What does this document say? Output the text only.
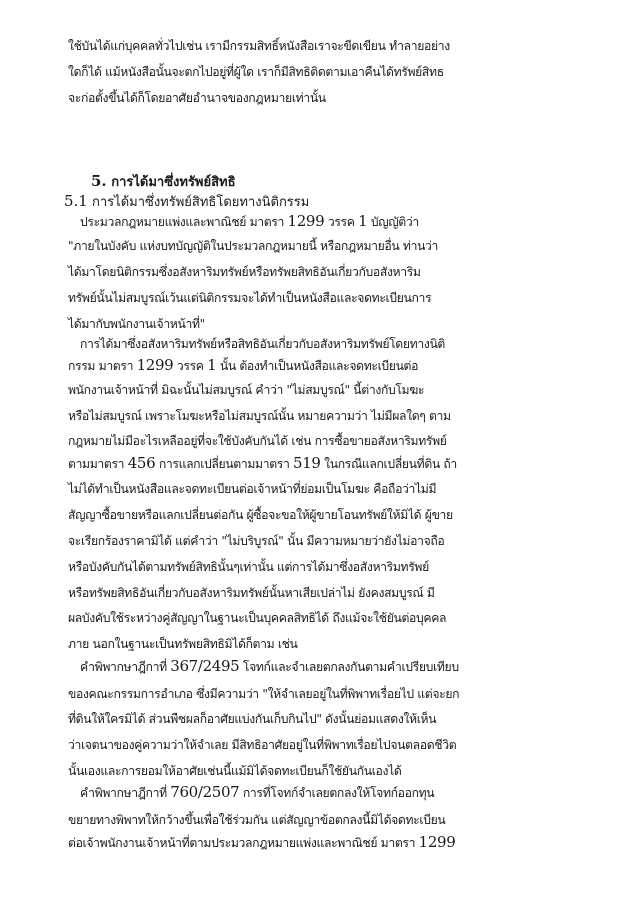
ใช้บันได้แก่บุคคลทั่วไปเช่น เรามีกรรมสิทธิ์หนังสือเราจะขีดเขียน ทำลายอย่าง
ใดก็ได้ แม้หนังสือนั้นจะตกไปอยู่ที่ผู้ใด เราก็มีสิทธิติดตามเอาคืนได้ทรัพย์สิทธ
จะก่อตั้งขึ้นได้ก็โดยอาศัยอำนาจของกฎหมายเท่านั้น
5. การได้มาซึ่งทรัพย์สิทธิ
5.1 การได้มาซึ่งทรัพย์สิทธิโดยทางนิติกรรม
ประมวลกฎหมายแพ่งและพาณิชย์ มาตรา 1299 วรรค 1 บัญญัติว่า
"ภายในบังคับ แห่งบทบัญญัติในประมวลกฎหมายนี้ หรือกฎหมายอื่น ท่านว่า
ได้มาโดยนิติกรรมซึ่งอสังหาริมทรัพย์หรือทรัพยสิทธิอันเกี่ยวกับอสังหาริม
ทรัพย์นั้นไม่สมบูรณ์เว้นแต่นิติกรรมจะได้ทำเป็นหนังสือและจดทะเบียนการ
ได้มากับพนักงานเจ้าหน้าที่"
การได้มาซึ่งอสังหาริมทรัพย์หรือสิทธิอันเกี่ยวกับอสังหาริมทรัพย์โดยทางนิติ
กรรม มาตรา 1299 วรรค 1 นั้น ต้องทำเป็นหนังสือและจดทะเบียนต่อ
พนักงานเจ้าหน้าที่ มิฉะนั้นไม่สมบูรณ์ คำว่า "ไม่สมบูรณ์" นี้ต่างกับโมฆะ
หรือไม่สมบูรณ์ เพราะโมฆะหรือไม่สมบูรณ์นั้น หมายความว่า ไม่มีผลใดๆ ตาม
กฎหมายไม่มีอะไรเหลืออยู่ที่จะใช้บังคับกันได้ เช่น การซื้อขายอสังหาริมทรัพย์
ตามมาตรา 456 การแลกเปลี่ยนตามมาตรา 519 ในกรณีแลกเปลี่ยนที่ดิน ถ้า
ไม่ได้ทำเป็นหนังสือและจดทะเบียนต่อเจ้าหน้าที่ย่อมเป็นโมฆะ คือถือว่าไม่มี
สัญญาซื้อขายหรือแลกเปลี่ยนต่อกัน ผู้ซื้อจะขอให้ผู้ขายโอนทรัพย์ให้มิได้ ผู้ขาย
จะเรียกร้องราคามิได้ แต่คำว่า "ไม่บริบูรณ์" นั้น มีความหมายว่ายังไม่อาจถือ
หรือบังคับกันได้ตามทรัพย์สิทธินั้นๆเท่านั้น แต่การได้มาซึ่งอสังหาริมทรัพย์
หรือทรัพยสิทธิอันเกี่ยวกับอสังหาริมทรัพย์นั้นหาเสียเปล่าไม่ ยังคงสมบูรณ์ มี
ผลบังคับใช้ระหว่างคู่สัญญาในฐานะเป็นบุคคลสิทธิได้ ถึงแม้จะใช้ยันต่อบุคคล
ภาย นอกในฐานะเป็นทรัพยสิทธิมิได้ก็ตาม เช่น
คำพิพากษาฎีกาที่ 367/2495 โจทก์และจำเลยตกลงกันตามคำเปรียบเทียบ
ของคณะกรรมการอำเภอ ซึ่งมีความว่า "ให้จำเลยอยู่ในที่พิพาทเรื่อยไป แต่จะยก
ที่ดินให้ใครมิได้ ส่วนพืชผลก็อาศัยแบ่งกันเก็บกินไป" ดังนั้นย่อมแสดงให้เห็น
ว่าเจตนาของคู่ความว่าให้จำเลย มีสิทธิอาศัยอยู่ในที่พิพาทเรื่อยไปจนตลอดชีวิต
นั้นเองและการยอมให้อาศัยเช่นนี้แม้มิได้จดทะเบียนก็ใช้ยันกันเองได้
คำพิพากษาฎีกาที่ 760/2507 การที่โจทก์จำเลยตกลงให้โจทก์ออกทุน
ขยายทางพิพาทให้กว้างขึ้นเพื่อใช้ร่วมกัน แต่สัญญาข้อตกลงนี้มิได้จดทะเบียน
ต่อเจ้าพนักงานเจ้าหน้าที่ตามประมวลกฎหมายแพ่งและพาณิชย์ มาตรา 1299
